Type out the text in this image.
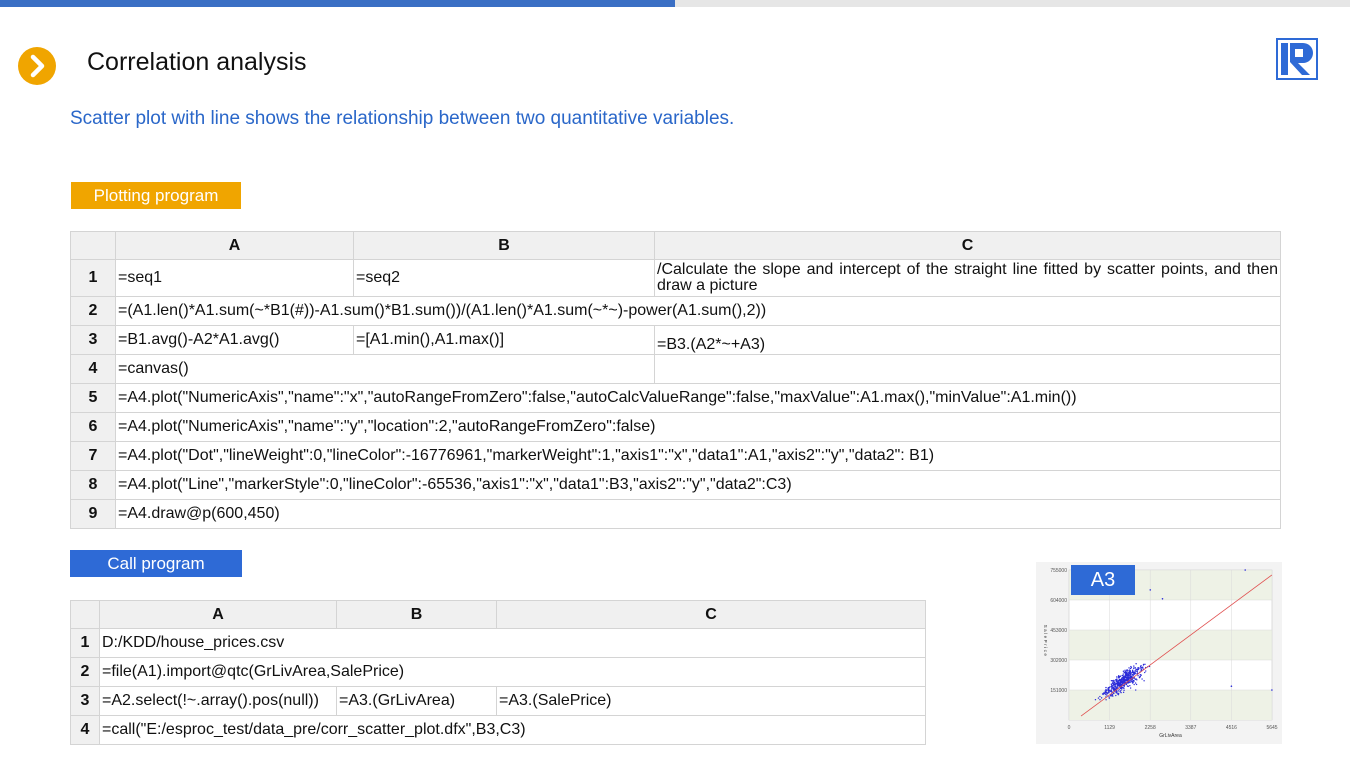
Correlation analysis
Scatter plot with line shows the relationship between two quantitative variables.
Plotting program
	A	B	C
1	=seq1	=seq2	/Calculate the slope and intercept of the straight line fitted by scatter points, and then draw a picture
2	=(A1.len()*A1.sum(~*B1(#))-A1.sum()*B1.sum())/(A1.len()*A1.sum(~*~)-power(A1.sum(),2))		
3	=B1.avg()-A2*A1.avg()	=[A1.min(),A1.max()]	=B3.(A2*~+A3)
4	=canvas()		
5	=A4.plot("NumericAxis","name":"x","autoRangeFromZero":false,"autoCalcValueRange":false,"maxValue":A1.max(),"minValue":A1.min())		
6	=A4.plot("NumericAxis","name":"y","location":2,"autoRangeFromZero":false)		
7	=A4.plot("Dot","lineWeight":0,"lineColor":-16776961,"markerWeight":1,"axis1":"x","data1":A1,"axis2":"y","data2": B1)		
8	=A4.plot("Line","markerStyle":0,"lineColor":-65536,"axis1":"x","data1":B3,"axis2":"y","data2":C3)		
9	=A4.draw@p(600,450)		
Call program
	A	B	C
1	D:/KDD/house_prices.csv		
2	=file(A1).import@qtc(GrLivArea,SalePrice)		
3	=A2.select(!~.array().pos(null))	=A3.(GrLivArea)	=A3.(SalePrice)
4	=call("E:/esproc_test/data_pre/corr_scatter_plot.dfx",B3,C3)		
151000
302000
453000
604000
755000
0	1129	2258	3387	4516	5645
GrLivArea
SalePrice
A3
